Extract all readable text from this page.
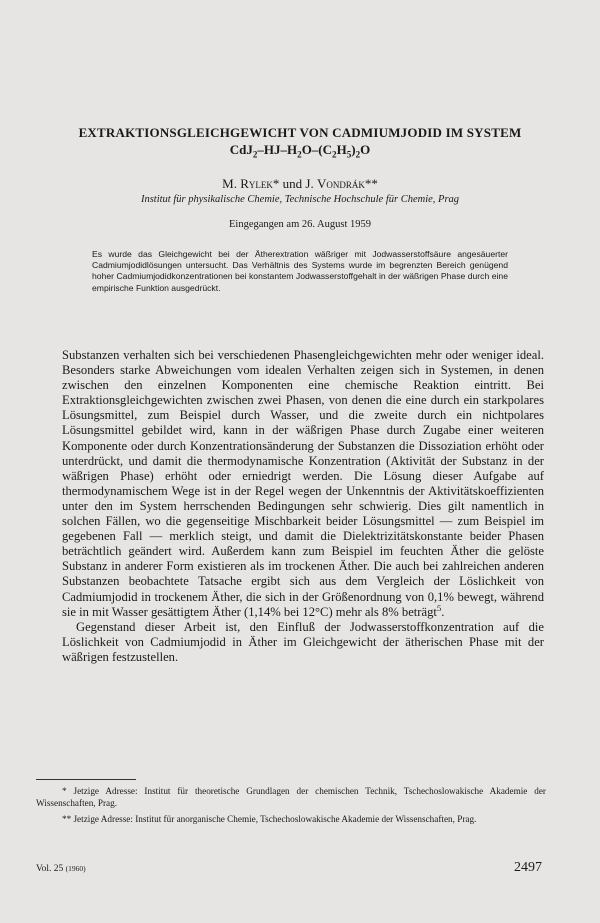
EXTRAKTIONSGLEICHGEWICHT VON CADMIUMJODID IM SYSTEM
$CdJ_2-HJ-H_2O-(C_2H_5)_2O$
M. Rylek* und J. Vondrák**
Institut für physikalische Chemie, Technische Hochschule für Chemie, Prag
Eingegangen am 26. August 1959

Es wurde das Gleichgewicht bei der Ätherextration wäßriger mit Jodwasserstoffsäure angesäuerter Cadmiumjodidlösungen untersucht. Das Verhältnis des Systems wurde im begrenzten Bereich genügend hoher Cadmiumjodidkonzentrationen bei konstantem Jodwasserstoffgehalt in der wäßrigen Phase durch eine empirische Funktion ausgedrückt.

Substanzen verhalten sich bei verschiedenen Phasengleichgewichten mehr oder weniger ideal. Besonders starke Abweichungen vom idealen Verhalten zeigen sich in Systemen, in denen zwischen den einzelnen Komponenten eine chemische Reaktion eintritt. Bei Extraktionsgleichgewichten zwischen zwei Phasen, von denen die eine durch ein starkpolares Lösungsmittel, zum Beispiel durch Wasser, und die zweite durch ein nichtpolares Lösungsmittel gebildet wird, kann in der wäßrigen Phase durch Zugabe einer weiteren Komponente oder durch Konzentrationsänderung der Substanzen die Dissoziation erhöht oder unterdrückt, und damit die thermodynamische Konzentration (Aktivität der Substanz in der wäßrigen Phase) erhöht oder erniedrigt werden. Die Lösung dieser Aufgabe auf thermodynamischem Wege ist in der Regel wegen der Unkenntnis der Aktivitätskoeffizienten unter den im System herrschenden Bedingungen sehr schwierig. Dies gilt namentlich in solchen Fällen, wo die gegenseitige Mischbarkeit beider Lösungsmittel — zum Beispiel im gegebenen Fall — merklich steigt, und damit die Dielektrizitätskonstante beider Phasen beträchtlich geändert wird. Außerdem kann zum Beispiel im feuchten Äther die gelöste Substanz in anderer Form existieren als im trockenen Äther. Die auch bei zahlreichen anderen Substanzen beobachtete Tatsache ergibt sich aus dem Vergleich der Löslichkeit von Cadmiumjodid in trockenem Äther, die sich in der Größenordnung von 0,1% bewegt, während sie in mit Wasser gesättigtem Äther (1,14% bei 12°C) mehr als 8% beträgt$^5$.

Gegenstand dieser Arbeit ist, den Einfluß der Jodwasserstoffkonzentration auf die Löslichkeit von Cadmiumjodid in Äther im Gleichgewicht der ätherischen Phase mit der wäßrigen festzustellen.

* Jetzige Adresse: Institut für theoretische Grundlagen der chemischen Technik, Tschechoslowakische Akademie der Wissenschaften, Prag.

** Jetzige Adresse: Institut für anorganische Chemie, Tschechoslowakische Akademie der Wissenschaften, Prag.

Vol. 25 (1960)	2497
